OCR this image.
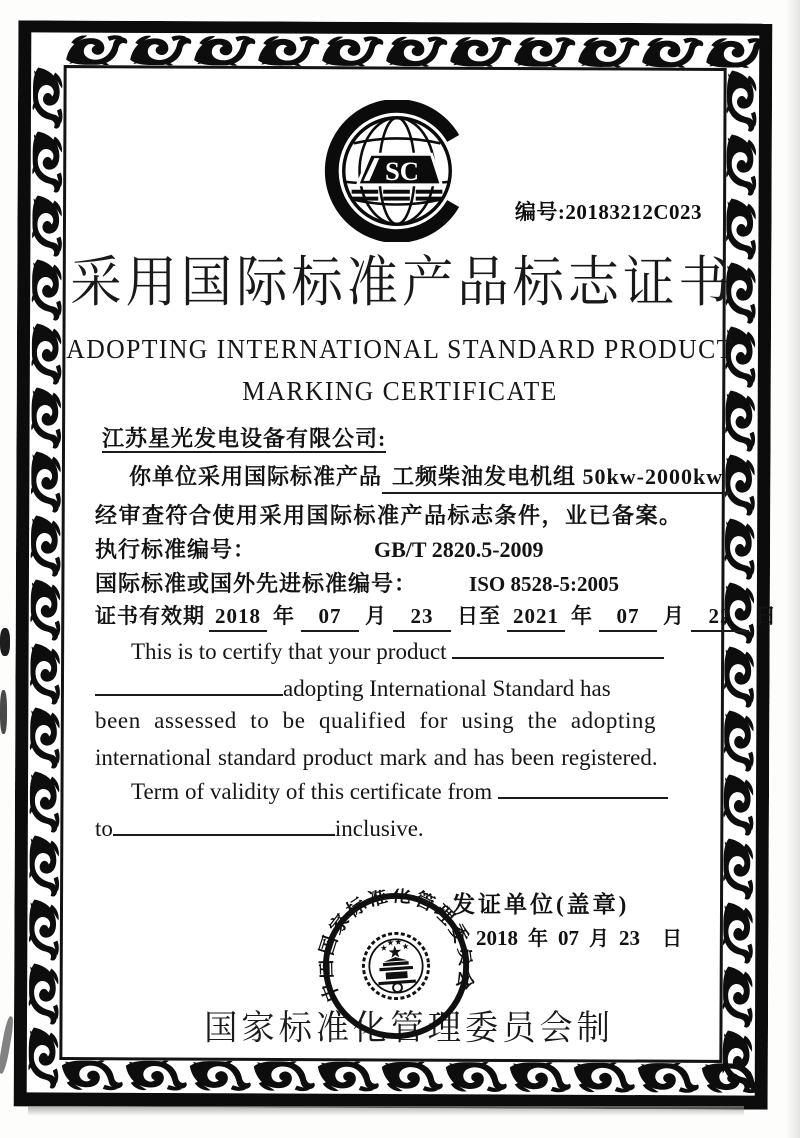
SC
编号:20183212C023
采用国际标准产品标志证书
ADOPTING INTERNATIONAL STANDARD PRODUCT
MARKING CERTIFICATE
江苏星光发电设备有限公司:
你单位采用国际标准产品 工频柴油发电机组 50kw-2000kw
经审查符合使用采用国际标准产品标志条件，业已备案。
执行标准编号：	GB/T 2820.5-2009
国际标准或国外先进标准编号： ISO 8528-5:2005
证书有效期 2018 年	07	月	23	日至 2021 年	07	月	22	日
This is to certify that your product
adopting International Standard has
been assessed to be qualified for using the adopting
international standard product mark and has been registered.
Term of validity of this certificate from
to	inclusive.
发证单位(盖章)
2018 年 07 月 23 日
国家标准化管理委员会制
中国国家标准化管理委员会
